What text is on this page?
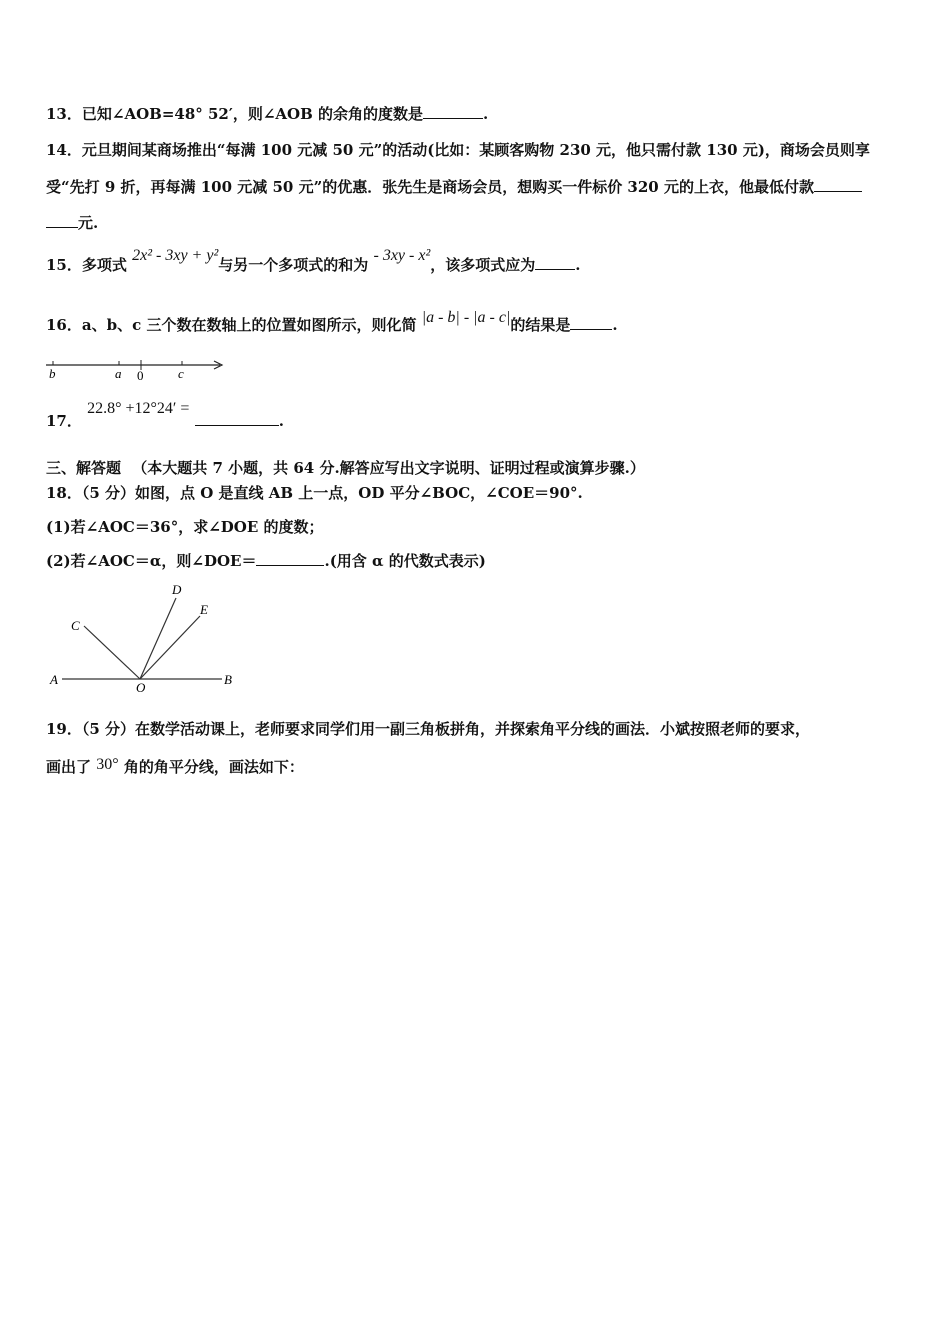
13．已知∠AOB=48° 52′，则∠AOB 的余角的度数是	.
14．元旦期间某商场推出“每满 100 元减 50 元”的活动(比如：某顾客购物 230 元，他只需付款 130 元)，商场会员则享
受“先打 9 折，再每满 100 元减 50 元”的优惠．张先生是商场会员，想购买一件标价 320 元的上衣，他最低付款
元.
15．多项式 2x² - 3xy + y²与另一个多项式的和为 - 3xy - x²，该多项式应为	.
16．a、b、c 三个数在数轴上的位置如图所示，则化简 |a - b| - |a - c|的结果是	.
b	a 0	c
17． 22.8° +12°24′ = .
三、解答题 （本大题共 7 小题，共 64 分.解答应写出文字说明、证明过程或演算步骤.）
18．（5 分）如图，点 O 是直线 AB 上一点，OD 平分∠BOC，∠COE＝90°.
(1)若∠AOC＝36°，求∠DOE 的度数；
(2)若∠AOC＝α，则∠DOE＝	.(用含 α 的代数式表示)
A	B
C
D
E
O
19．（5 分）在数学活动课上，老师要求同学们用一副三角板拼角，并探索角平分线的画法．小斌按照老师的要求，
画出了 30° 角的角平分线，画法如下：
